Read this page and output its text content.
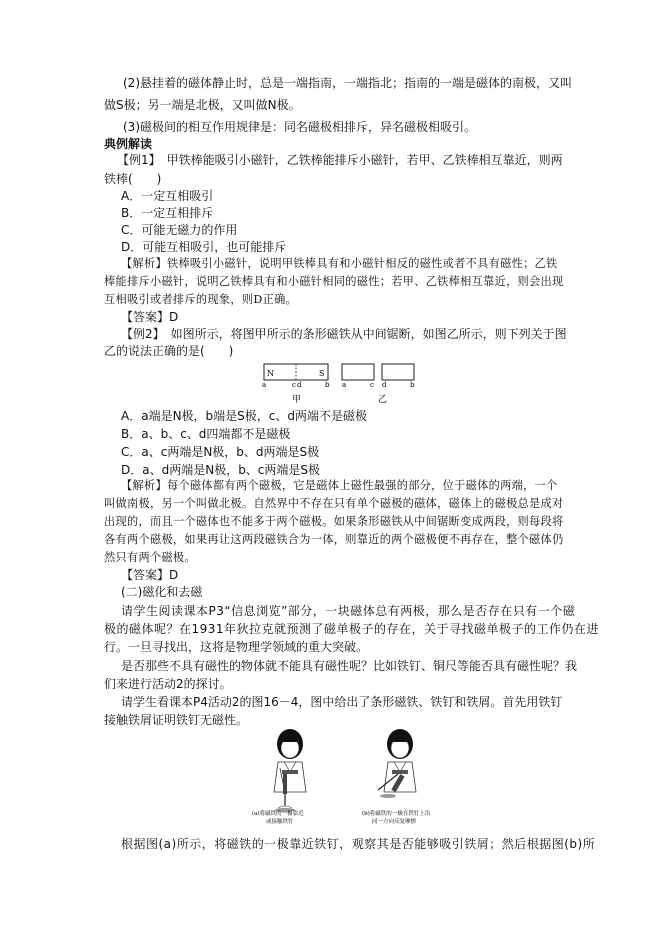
(2)悬挂着的磁体静止时，总是一端指南，一端指北；指南的一端是磁体的南极，又叫
做S极；另一端是北极，又叫做N极。
(3)磁极间的相互作用规律是：同名磁极相排斥，异名磁极相吸引。
典例解读
【例1】　甲铁棒能吸引小磁针，乙铁棒能排斥小磁针，若甲、乙铁棒相互靠近，则两
铁棒(　　)
A．一定互相吸引
B．一定互相排斥
C．可能无磁力的作用
D．可能互相吸引，也可能排斥
【解析】铁棒吸引小磁针，说明甲铁棒具有和小磁针相反的磁性或者不具有磁性；乙铁
棒能排斥小磁针，说明乙铁棒具有和小磁针相同的磁性；若甲、乙铁棒相互靠近，则会出现
互相吸引或者排斥的现象，则D正确。
【答案】D
【例2】　如图所示，将图甲所示的条形磁铁从中间锯断，如图乙所示，则下列关于图
乙的说法正确的是(　　)
N	S
c d
a	b a	c d	b
甲	乙
A．a端是N极，b端是S极，c、d两端不是磁极
B．a、b、c、d四端都不是磁极
C．a、c两端是N极，b、d两端是S极
D．a、d两端是N极，b、c两端是S极
【解析】每个磁体都有两个磁极，它是磁体上磁性最强的部分，位于磁体的两端，一个
叫做南极，另一个叫做北极。自然界中不存在只有单个磁极的磁体，磁体上的磁极总是成对
出现的，而且一个磁体也不能多于两个磁极。如果条形磁铁从中间锯断变成两段，则每段将
各有两个磁极，如果再让这两段磁铁合为一体，则靠近的两个磁极便不再存在，整个磁体仍
然只有两个磁极。
【答案】D
(二)磁化和去磁
请学生阅读课本P3“信息浏览”部分，一块磁体总有两极，那么是否存在只有一个磁
极的磁体呢？在1931年狄拉克就预测了磁单极子的存在，关于寻找磁单极子的工作仍在进
行。一旦寻找出，这将是物理学领域的重大突破。
是否那些不具有磁性的物体就不能具有磁性呢？比如铁钉、铜尺等能否具有磁性呢？我
们来进行活动2的探讨。
请学生看课本P4活动2的图16－4，图中给出了条形磁铁、铁钉和铁屑。首先用铁钉
接触铁屑证明铁钉无磁性。
(a)将磁铁的一极靠近
或接触铁钉
(b)将磁铁的一极在铁钉上沿
同一方向反复摩擦
根据图(a)所示，将磁铁的一极靠近铁钉，观察其是否能够吸引铁屑；然后根据图(b)所
